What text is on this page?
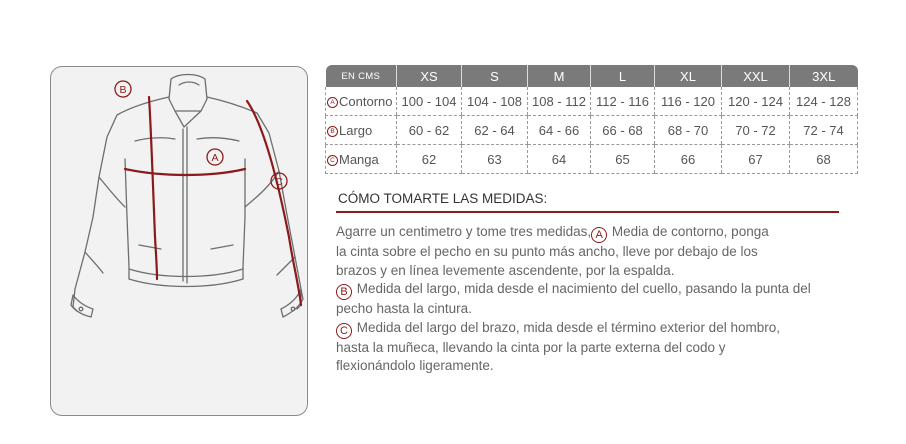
B
A
C
EN CMS	XS	S	M	L	XL	XXL	3XL
A Contorno	100 - 104	104 - 108	108 - 112	112 - 116	116 - 120	120 - 124	124 - 128
B Largo	60 - 62	62 - 64	64 - 66	66 - 68	68 - 70	70 - 72	72 - 74
C Manga	62	63	64	65	66	67	68
CÓMO TOMARTE LAS MEDIDAS:

Agarre un centimetro y tome tres medidas, A Media de contorno, ponga

la cinta sobre el pecho en su punto más ancho, lleve por debajo de los

brazos y en línea levemente ascendente, por la espalda.

B Medida del largo, mida desde el nacimiento del cuello, pasando la punta del

pecho hasta la cintura.

C Medida del largo del brazo, mida desde el término exterior del hombro,

hasta la muñeca, llevando la cinta por la parte externa del codo y

flexionándolo ligeramente.
